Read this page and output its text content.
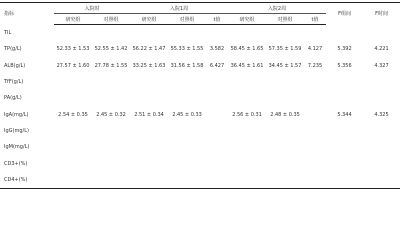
指标	入院时		入院1周			入院2周			F组间	F时间
	研究组	对照组	研究组	对照组	t值	研究组	对照组	t值		
TIL										
TP(g/L)	52.33 ± 1.53	52.55 ± 1.42	56.22 ± 1.47	55.33 ± 1.55	3.582	58.45 ± 1.65	57.35 ± 1.59	4.127	5.392	4.221
ALB(g/L)	27.57 ± 1.60	27.78 ± 1.55	33.25 ± 1.63	31.56 ± 1.58	6.427	36.45 ± 1.61	34.45 ± 1.57	7.235	5.356	4.327
TfF(g/L)										
PA(g/L)										
IgA(mg/L)	2.54 ± 0.35	2.45 ± 0.32	2.51 ± 0.34	2.45 ± 0.33		2.56 ± 0.31	2.48 ± 0.35		5.344	4.325
IgG(mg/L)										
IgM(mg/L)										
CD3+(%)										
CD4+(%)										
